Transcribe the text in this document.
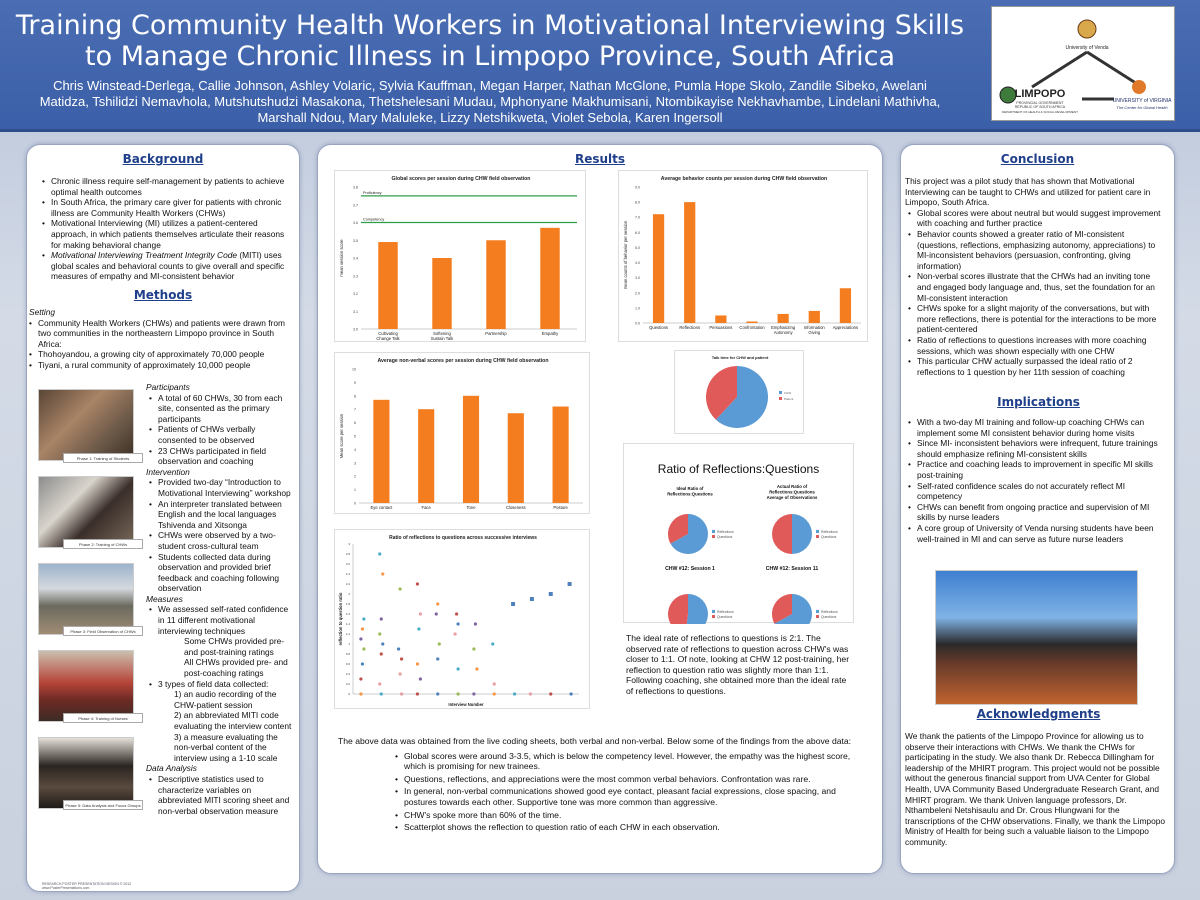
Training Community Health Workers in Motivational Interviewing Skills
to Manage Chronic Illness in Limpopo Province, South Africa
Chris Winstead-Derlega, Callie Johnson, Ashley Volaric, Sylvia Kauffman, Megan Harper, Nathan McGlone, Pumla Hope Skolo, Zandile Sibeko, Awelani Matidza, Tshilidzi Nemavhola, Mutshutshudzi Masakona, Thetshelesani Mudau, Mphonyane Makhumisani, Ntombikayise Nekhavhambe, Lindelani Mathivha, Marshall Ndou, Mary Maluleke, Lizzy Netshikweta, Violet Sebola, Karen Ingersoll
University of Venda
LIMPOPO
PROVINCIAL GOVERNMENT
REPUBLIC OF SOUTH AFRICA
DEPARTMENT OF HEALTH & SOCIAL DEVELOPMENT
UNIVERSITY of VIRGINIA
The Center for Global Health
Background
• Chronic illness require self-management by patients to achieve optimal health outcomes
• In South Africa, the primary care giver for patients with chronic illness are Community Health Workers (CHWs)
• Motivational Interviewing (MI) utilizes a patient-centered approach, in which patients themselves articulate their reasons for making behavioral change
• Motivational Interviewing Treatment Integrity Code (MITI) uses global scales and behavioral counts to give overall and specific measures of empathy and MI-consistent behavior
Methods
Setting
• Community Health Workers (CHWs) and patients were drawn from two communities in the northeastern Limpopo province in South Africa:
• Thohoyandou, a growing city of approximately 70,000 people
• Tiyani, a rural community of approximately 10,000 people
Participants
• A total of 60 CHWs, 30 from each site, consented as the primary participants
• Patients of CHWs verbally consented to be observed
• 23 CHWs participated in field observation and coaching
Intervention
• Provided two-day “Introduction to Motivational Interviewing” workshop
• An interpreter translated between English and the local languages Tshivenda and Xitsonga
• CHWs were observed by a two-student cross-cultural team
• Students collected data during observation and provided brief feedback and coaching following observation
Measures
• We assessed self-rated confidence in 11 different motivational interviewing techniques
Some CHWs provided pre- and post-training ratings
All CHWs provided pre- and post-coaching ratings
• 3 types of field data collected:
1) an audio recording of the CHW-patient session
2) an abbreviated MITI code evaluating the interview content
3) a measure evaluating the non-verbal content of the interview using a 1-10 scale
Data Analysis
• Descriptive statistics used to characterize variables on abbreviated MITI scoring sheet and non-verbal observation measure
Phase 1: Training of Students
Phase 2: Training of CHWs
Phase 3: Field Observation of CHWs
Phase 4: Training of Nurses
Phase 5: Data Analysis and Focus Groups
RESEARCH POSTER PRESENTATION DESIGN © 2012 www.PosterPresentations.com
Results
Global scores per session during CHW field observation
3.0
3.1
3.2
3.3
3.4
3.5
3.6
3.7
3.8
mean session score
Proficiency
Competency
Cultivating
Change Talk
Softening
Sustain Talk
Partnership	Empathy
Average behavior counts per session during CHW field observation
0.0
1.0
2.0
3.0
4.0
5.0
6.0
7.0
8.0
9.0
mean counts of behavior per session
Questions	Reflections Persuasions Confrontation Emphasizing
Autonomy
Information
Giving
Appreciations
Average non-verbal scores per session during CHW field observation
0
1
2
3
4
5
6
7
8
9
10
Mean score per session
Eye contact	Face	Tone	Closeness	Posture
Talk time for CHW and patient
CHW
Patient
Ratio of Reflections:Questions
Ideal Ratio of
Reflections:Questions
Reflections
Questions
Actual Ratio of
Reflections:Questions
Average of Observations
Reflections
Questions
CHW #12: Session 1
Reflections
Questions
CHW #12: Session 11
Reflections
Questions
Ratio of reflections to questions across successive interviews
0
0.2
0.4
0.6
0.8
1
1.2
1.4
1.6
1.8
2
2.2
2.4
2.6
2.8
3
Interview Number
reflection to question ratio	The ideal rate of reflections to questions is 2:1. The observed rate of reflections to question across CHW's was closer to 1:1. Of note, looking at CHW 12 post-training, her reflection to question ratio was slightly more than 1:1. Following coaching, she obtained more than the ideal rate of reflections to questions.
The above data was obtained from the live coding sheets, both verbal and non-verbal. Below some of the findings from the above data:
• Global scores were around 3-3.5, which is below the competency level. However, the empathy was the highest score, which is promising for new trainees.
• Questions, reflections, and appreciations were the most common verbal behaviors. Confrontation was rare.
• In general, non-verbal communications showed good eye contact, pleasant facial expressions, close spacing, and postures towards each other. Supportive tone was more common than aggressive.
• CHW's spoke more than 60% of the time.
• Scatterplot shows the reflection to question ratio of each CHW in each observation.
Conclusion
This project was a pilot study that has shown that Motivational Interviewing can be taught to CHWs and utilized for patient care in Limpopo, South Africa.
• Global scores were about neutral but would suggest improvement with coaching and further practice
• Behavior counts showed a greater ratio of MI-consistent (questions, reflections, emphasizing autonomy, appreciations) to MI-inconsistent behaviors (persuasion, confronting, giving information)
• Non-verbal scores illustrate that the CHWs had an inviting tone and engaged body language and, thus, set the foundation for an MI-consistent interaction
• CHWs spoke for a slight majority of the conversations, but with more reflections, there is potential for the interactions to be more patient-centered
• Ratio of reflections to questions increases with more coaching sessions, which was shown especially with one CHW
• This particular CHW actually surpassed the ideal ratio of 2 reflections to 1 question by her 11th session of coaching
Implications
• With a two-day MI training and follow-up coaching CHWs can implement some MI consistent behavior during home visits
• Since MI- inconsistent behaviors were infrequent, future trainings should emphasize refining MI-consistent skills
• Practice and coaching leads to improvement in specific MI skills post-training
• Self-rated confidence scales do not accurately reflect MI competency
• CHWs can benefit from ongoing practice and supervision of MI skills by nurse leaders
• A core group of University of Venda nursing students have been well-trained in MI and can serve as future nurse leaders
Acknowledgments
We thank the patients of the Limpopo Province for allowing us to observe their interactions with CHWs. We thank the CHWs for participating in the study. We also thank Dr. Rebecca Dillingham for leadership of the MHIRT program. This project would not be possible without the generous financial support from UVA Center for Global Health, UVA Community Based Undergraduate Research Grant, and MHIRT program. We thank Univen language professors, Dr. Nthambeleni Netshisaulu and Dr. Crous Hlungwani for the transcriptions of the CHW observations. Finally, we thank the Limpopo Ministry of Health for being such a valuable liaison to the Limpopo community.
